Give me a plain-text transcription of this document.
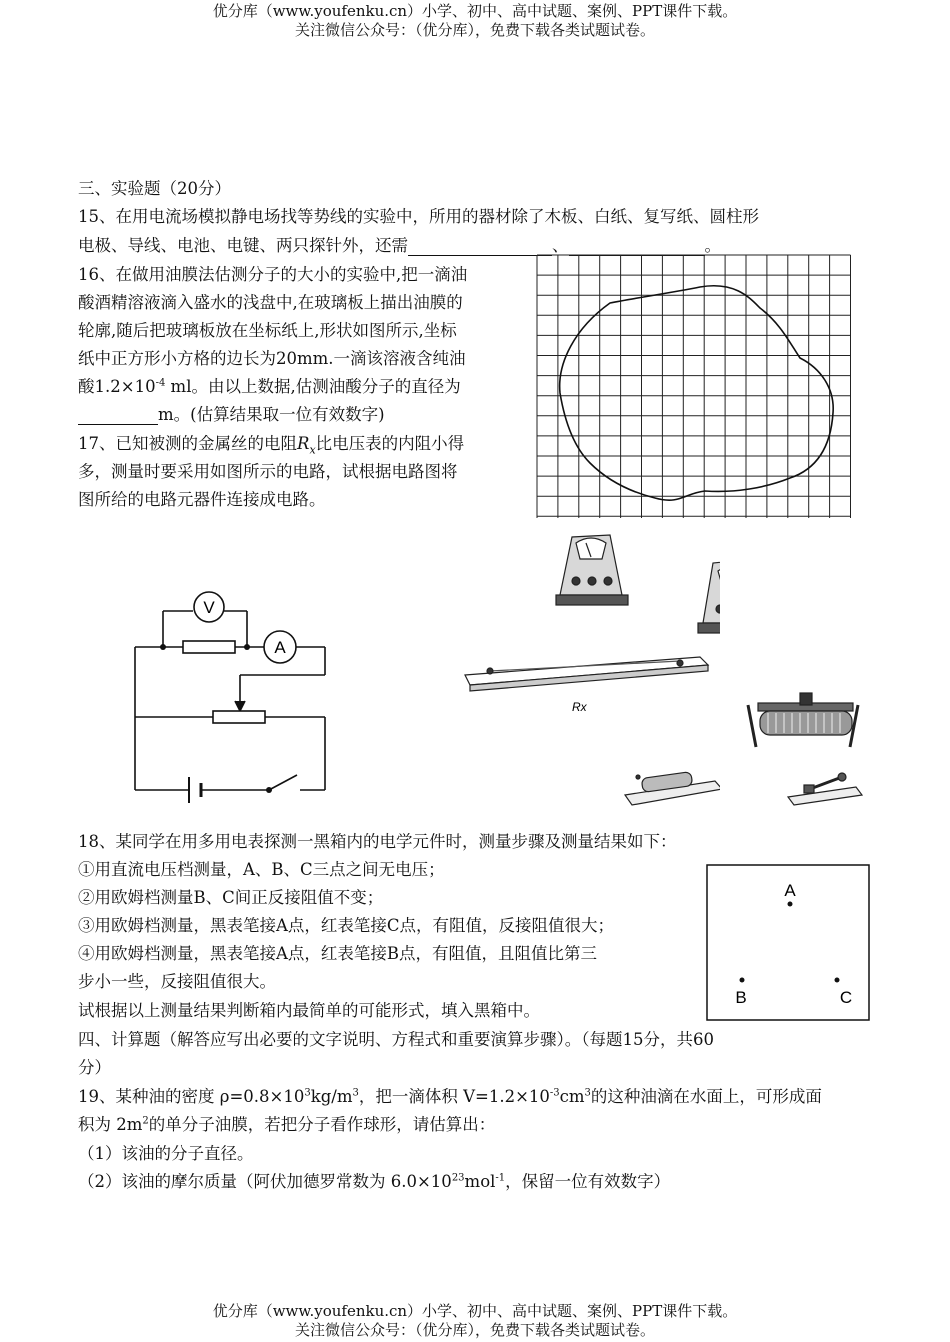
优分库（www.youfenku.cn）小学、初中、高中试题、案例、PPT课件下载。
关注微信公众号：（优分库），免费下载各类试题试卷。
三、实验题（20分）
15、在用电流场模拟静电场找等势线的实验中，所用的器材除了木板、白纸、复写纸、圆柱形
电极、导线、电池、电键、两只探针外，还需	、	。
16、在做用油膜法估测分子的大小的实验中,把一滴油
酸酒精溶液滴入盛水的浅盘中,在玻璃板上描出油膜的
轮廓,随后把玻璃板放在坐标纸上,形状如图所示,坐标
纸中正方形小方格的边长为20mm.一滴该溶液含纯油
酸$1.2\times 10^{-4}$ ml。由以上数据,估测油酸分子的直径为
m。(估算结果取一位有效数字)
17、已知被测的金属丝的电阻$R_x$比电压表的内阻小得
多，测量时要采用如图所示的电路，试根据电路图将
图所给的电路元器件连接成电路。
V
A
Rx
18、某同学在用多用电表探测一黑箱内的电学元件时，测量步骤及测量结果如下：
①用直流电压档测量，A、B、C三点之间无电压；
②用欧姆档测量B、C间正反接阻值不变；
③用欧姆档测量，黑表笔接A点，红表笔接C点，有阻值，反接阻值很大；
④用欧姆档测量，黑表笔接A点，红表笔接B点，有阻值，且阻值比第三
步小一些，反接阻值很大。
试根据以上测量结果判断箱内最简单的可能形式，填入黑箱中。
A
B	C
四、计算题（解答应写出必要的文字说明、方程式和重要演算步骤）。（每题15分，共60
分）
19、某种油的密度 $\rho=0.8\times 10^3kg/m^3$，把一滴体积 $V=1.2\times 10^{-3}cm^3$的这种油滴在水面上，可形成面
积为 $2m^2$的单分子油膜，若把分子看作球形，请估算出：
（1）该油的分子直径。
（2）该油的摩尔质量（阿伏加德罗常数为 $6.0\times 10^{23}mol^{-1}$，保留一位有效数字）
优分库（www.youfenku.cn）小学、初中、高中试题、案例、PPT课件下载。
关注微信公众号：（优分库），免费下载各类试题试卷。
